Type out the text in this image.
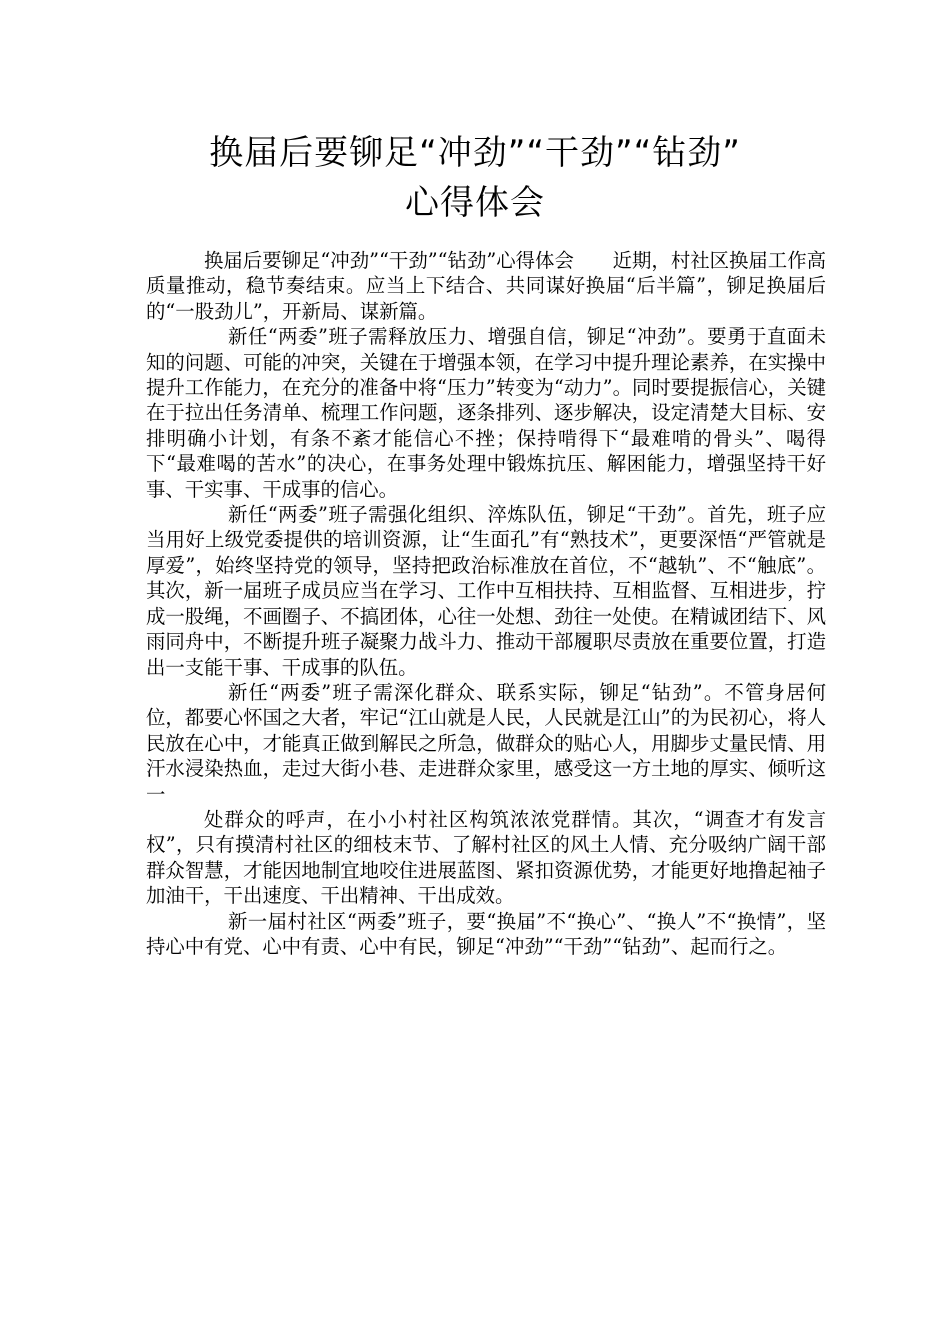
换届后要铆足“冲劲”“干劲”“钻劲”
心得体会

换届后要铆足“冲劲”“干劲”“钻劲”心得体会　　近期，村社区换届工作高质量推动，稳节奏结束。应当上下结合、共同谋好换届“后半篇”，铆足换届后的“一股劲儿”，开新局、谋新篇。

新任“两委”班子需释放压力、增强自信，铆足“冲劲”。要勇于直面未知的问题、可能的冲突，关键在于增强本领，在学习中提升理论素养，在实操中提升工作能力，在充分的准备中将“压力”转变为“动力”。同时要提振信心，关键在于拉出任务清单、梳理工作问题，逐条排列、逐步解决，设定清楚大目标、安排明确小计划，有条不紊才能信心不挫；保持啃得下“最难啃的骨头”、喝得下“最难喝的苦水”的决心，在事务处理中锻炼抗压、解困能力，增强坚持干好事、干实事、干成事的信心。

新任“两委”班子需强化组织、淬炼队伍，铆足“干劲”。首先，班子应当用好上级党委提供的培训资源，让“生面孔”有“熟技术”，更要深悟“严管就是厚爱”，始终坚持党的领导，坚持把政治标准放在首位，不“越轨”、不“触底”。其次，新一届班子成员应当在学习、工作中互相扶持、互相监督、互相进步，拧成一股绳，不画圈子、不搞团体，心往一处想、劲往一处使。在精诚团结下、风雨同舟中，不断提升班子凝聚力战斗力、推动干部履职尽责放在重要位置，打造出一支能干事、干成事的队伍。

新任“两委”班子需深化群众、联系实际，铆足“钻劲”。不管身居何位，都要心怀国之大者，牢记“江山就是人民，人民就是江山”的为民初心，将人民放在心中，才能真正做到解民之所急，做群众的贴心人，用脚步丈量民情、用汗水浸染热血，走过大街小巷、走进群众家里，感受这一方土地的厚实、倾听这一

处群众的呼声，在小小村社区构筑浓浓党群情。其次，“调查才有发言权”，只有摸清村社区的细枝末节、了解村社区的风土人情、充分吸纳广阔干部群众智慧，才能因地制宜地咬住进展蓝图、紧扣资源优势，才能更好地撸起袖子加油干，干出速度、干出精神、干出成效。

新一届村社区“两委”班子，要“换届”不“换心”、“换人”不“换情”，坚持心中有党、心中有责、心中有民，铆足“冲劲”“干劲”“钻劲”、起而行之。
